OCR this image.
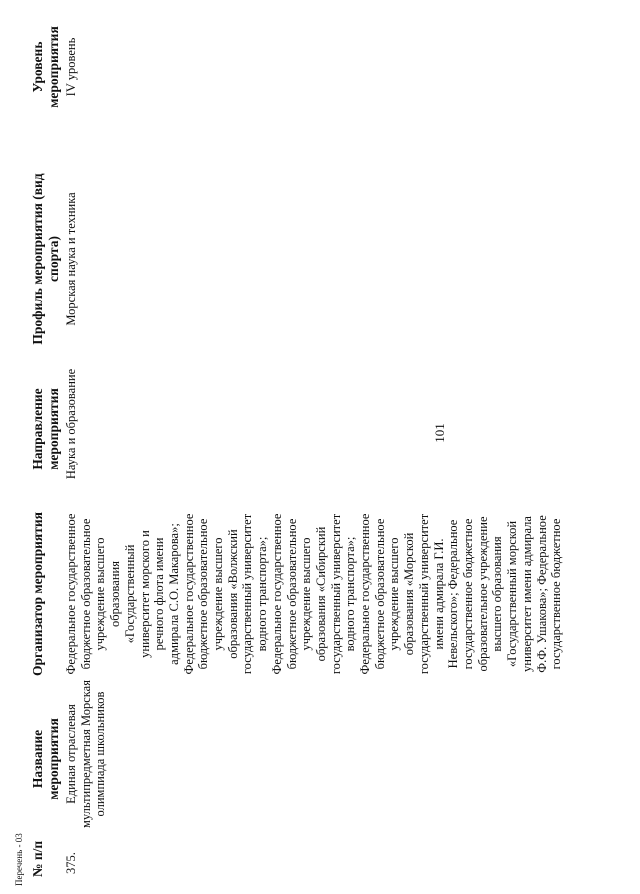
Перечень - 03
101
№ п/п
Название мероприятия
Организатор мероприятия
Направление мероприятия
Профиль мероприятия (вид спорта)
Уровень мероприятия
375.
Единая отраслевая мультипредметная Морская олимпиада школьников
Федеральное государственное бюджетное образовательное учреждение высшего образования «Государственный университет морского и речного флота имени адмирала С.О. Макарова»; Федеральное государственное бюджетное образовательное учреждение высшего образования «Волжский государственный университет водного транспорта»; Федеральное государственное бюджетное образовательное учреждение высшего образования «Сибирский государственный университет водного транспорта»; Федеральное государственное бюджетное образовательное учреждение высшего образования «Морской государственный университет имени адмирала Г.И. Невельского»; Федеральное государственное бюджетное образовательное учреждение высшего образования «Государственный морской университет имени адмирала Ф.Ф. Ушакова»; Федеральное государственное бюджетное
Наука и образование
Морская наука и техника
IV уровень
